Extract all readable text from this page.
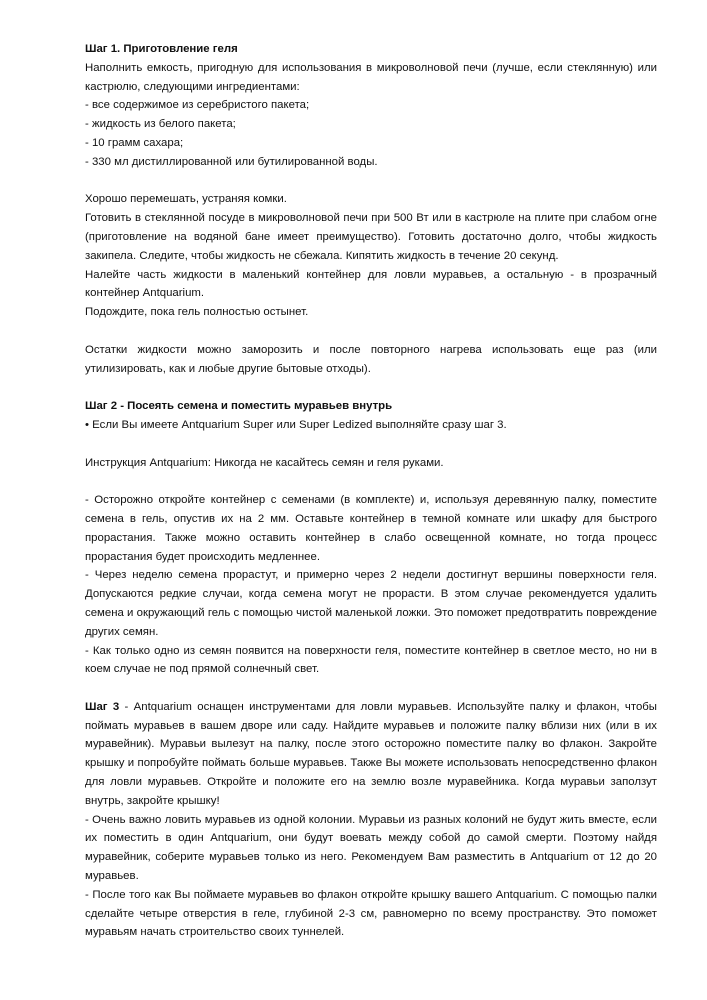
Шаг 1. Приготовление геля

Наполнить емкость, пригодную для использования в микроволновой печи (лучше, если стеклянную) или кастрюлю, следующими ингредиентами:

- все содержимое из серебристого пакета;

- жидкость из белого пакета;

- 10 грамм сахара;

- 330 мл дистиллированной или бутилированной воды.

Хорошо перемешать, устраняя комки.

Готовить в стеклянной посуде в микроволновой печи при 500 Вт или в кастрюле на плите при слабом огне (приготовление на водяной бане имеет преимущество). Готовить достаточно долго, чтобы жидкость закипела. Следите, чтобы жидкость не сбежала. Кипятить жидкость в течение 20 секунд.

Налейте часть жидкости в маленький контейнер для ловли муравьев, а остальную - в прозрачный контейнер Antquarium.

Подождите, пока гель полностью остынет.

Остатки жидкости можно заморозить и после повторного нагрева использовать еще раз (или утилизировать, как и любые другие бытовые отходы).

Шаг 2 - Посеять семена и поместить муравьев внутрь

• Если Вы имеете Antquarium Super или Super Ledized выполняйте сразу шаг 3.

Инструкция Antquarium: Никогда не касайтесь семян и геля руками.

- Осторожно откройте контейнер с семенами (в комплекте) и, используя деревянную палку, поместите семена в гель, опустив их на 2 мм. Оставьте контейнер в темной комнате или шкафу для быстрого прорастания. Также можно оставить контейнер в слабо освещенной комнате, но тогда процесс прорастания будет происходить медленнее.

- Через неделю семена прорастут, и примерно через 2 недели достигнут вершины поверхности геля. Допускаются редкие случаи, когда семена могут не прорасти. В этом случае рекомендуется удалить семена и окружающий гель с помощью чистой маленькой ложки. Это поможет предотвратить повреждение других семян.

- Как только одно из семян появится на поверхности геля, поместите контейнер в светлое место, но ни в коем случае не под прямой солнечный свет.

Шаг 3 - Antquarium оснащен инструментами для ловли муравьев. Используйте палку и флакон, чтобы поймать муравьев в вашем дворе или саду. Найдите муравьев и положите палку вблизи них (или в их муравейник). Муравьи вылезут на палку, после этого осторожно поместите палку во флакон. Закройте крышку и попробуйте поймать больше муравьев. Также Вы можете использовать непосредственно флакон для ловли муравьев. Откройте и положите его на землю возле муравейника. Когда муравьи заползут внутрь, закройте крышку!

- Очень важно ловить муравьев из одной колонии. Муравьи из разных колоний не будут жить вместе, если их поместить в один Antquarium, они будут воевать между собой до самой смерти. Поэтому найдя муравейник, соберите муравьев только из него. Рекомендуем Вам разместить в Antquarium от 12 до 20 муравьев.

- После того как Вы поймаете муравьев во флакон откройте крышку вашего Antquarium. С помощью палки сделайте четыре отверстия в геле, глубиной 2-3 см, равномерно по всему пространству. Это поможет муравьям начать строительство своих туннелей.
